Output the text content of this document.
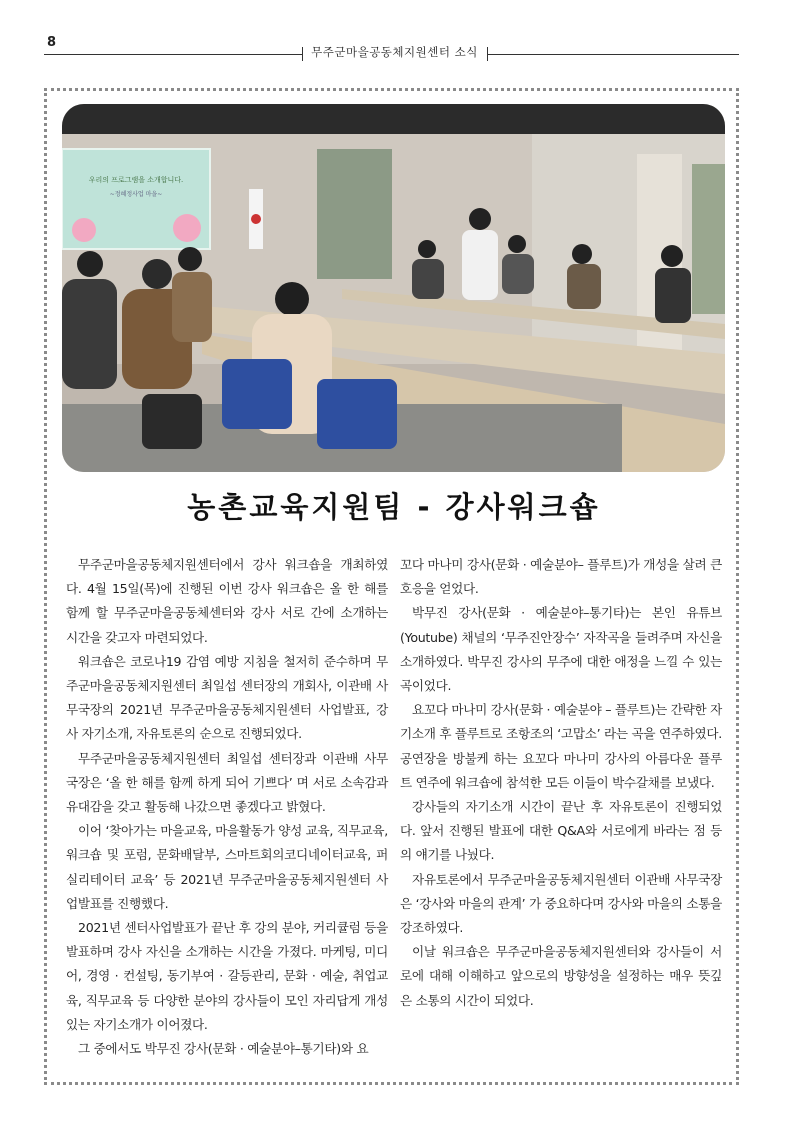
8
무주군마을공동체지원센터 소식
우리의 프로그램을 소개합니다.
~정혜정사업 마을~
농촌교육지원팀 - 강사워크숍

무주군마을공동체지원센터에서 강사 워크숍을 개최하였다. 4월 15일(목)에 진행된 이번 강사 워크숍은 올 한 해를 함께 할 무주군마을공동체센터와 강사 서로 간에 소개하는 시간을 갖고자 마련되었다.

워크숍은 코로나19 감염 예방 지침을 철저히 준수하며 무주군마을공동체지원센터 최일섭 센터장의 개회사, 이관배 사무국장의 2021년 무주군마을공동체지원센터 사업발표, 강사 자기소개, 자유토론의 순으로 진행되었다.

무주군마을공동체지원센터 최일섭 센터장과 이관배 사무국장은 ‘올 한 해를 함께 하게 되어 기쁘다’ 며 서로 소속감과 유대감을 갖고 활동해 나갔으면 좋겠다고 밝혔다.

이어 ‘찾아가는 마을교육, 마을활동가 양성 교육, 직무교육, 워크숍 및 포럼, 문화배달부, 스마트회의코디네이터교육, 퍼실리테이터 교육’ 등 2021년 무주군마을공동체지원센터 사업발표를 진행했다.

2021년 센터사업발표가 끝난 후 강의 분야, 커리큘럼 등을 발표하며 강사 자신을 소개하는 시간을 가졌다. 마케팅, 미디어, 경영 · 컨설팅, 동기부여 · 갈등관리, 문화 · 예술, 취업교육, 직무교육 등 다양한 분야의 강사들이 모인 자리답게 개성 있는 자기소개가 이어졌다.

그 중에서도 박무진 강사(문화 · 예술분야–통기타)와 요

꼬다 마나미 강사(문화 · 예술분야– 플루트)가 개성을 살려 큰 호응을 얻었다.

박무진 강사(문화 · 예술분야–통기타)는 본인 유튜브(Youtube) 채널의 ‘무주진안장수’ 자작곡을 들려주며 자신을 소개하였다. 박무진 강사의 무주에 대한 애정을 느낄 수 있는 곡이었다.

요꼬다 마나미 강사(문화 · 예술분야 – 플루트)는 간략한 자기소개 후 플루트로 조항조의 ‘고맙소’ 라는 곡을 연주하였다. 공연장을 방불케 하는 요꼬다 마나미 강사의 아름다운 플루트 연주에 워크숍에 참석한 모든 이들이 박수갈채를 보냈다.

강사들의 자기소개 시간이 끝난 후 자유토론이 진행되었다. 앞서 진행된 발표에 대한 Q&A와 서로에게 바라는 점 등의 얘기를 나눴다.

자유토론에서 무주군마을공동체지원센터 이관배 사무국장은 ‘강사와 마을의 관계’ 가 중요하다며 강사와 마을의 소통을 강조하였다.

이날 워크숍은 무주군마을공동체지원센터와 강사들이 서로에 대해 이해하고 앞으로의 방향성을 설정하는 매우 뜻깊은 소통의 시간이 되었다.
